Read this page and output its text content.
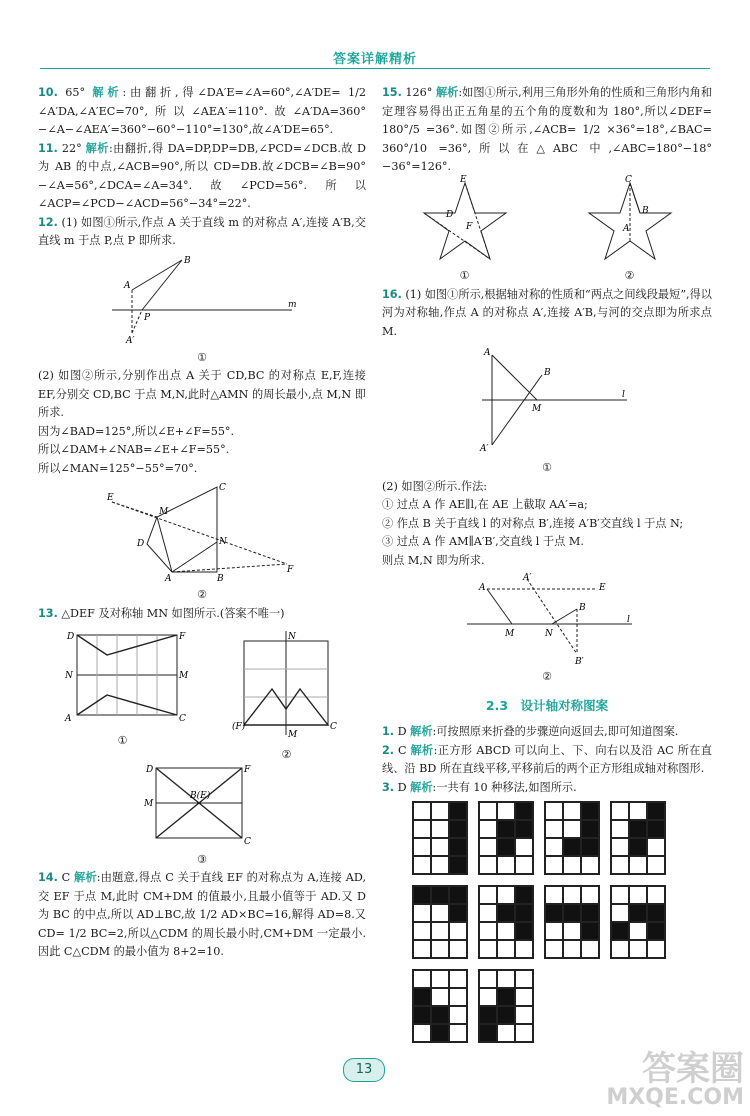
答案详解精析

10. 65° 解析:由翻折,得∠DA′E=∠A=60°,∠A′DE= 1/2 ∠A′DA,∠A′EC=70°,所以∠AEA′=110°.故∠A′DA=360°−∠A−∠AEA′=360°−60°−110°=130°,故∠A′DE=65°.

11. 22° 解析:由翻折,得 DA=DP,DP=DB,∠PCD=∠DCB.故 D 为 AB 的中点,∠ACB=90°,所以 CD=DB.故∠DCB=∠B=90°−∠A=56°,∠DCA=∠A=34°.故∠PCD=56°.所以∠ACP=∠PCD−∠ACD=56°−34°=22°.

12. (1) 如图①所示,作点 A 关于直线 m 的对称点 A′,连接 A′B,交直线 m 于点 P,点 P 即所求.

A
B
P
A′
m
①

(2) 如图②所示,分别作出点 A 关于 CD,BC 的对称点 E,F,连接 EF,分别交 CD,BC 于点 M,N,此时△AMN 的周长最小,点 M,N 即所求.

因为∠BAD=125°,所以∠E+∠F=55°.

所以∠DAM+∠NAB=∠E+∠F=55°.

所以∠MAN=125°−55°=70°.

C
E
M
D	N
A	B
F
②

13. △DEF 及对称轴 MN 如图所示.(答案不唯一)

D	F
N	M
A	C
①
N
M
(F)	C
②
D	F
M
B(E)
C
③

14. C 解析:由题意,得点 C 关于直线 EF 的对称点为 A,连接 AD,交 EF 于点 M,此时 CM+DM 的值最小,且最小值等于 AD.又 D 为 BC 的中点,所以 AD⊥BC,故 1/2 AD×BC=16,解得 AD=8.又 CD= 1/2 BC=2,所以△CDM 的周长最小时,CM+DM 一定最小.因此 C△CDM 的最小值为 8+2=10.

15. 126° 解析:如图①所示,利用三角形外角的性质和三角形内角和定理容易得出正五角星的五个角的度数和为 180°,所以∠DEF= 180°/5 =36°.如图②所示,∠ACB= 1/2 ×36°=18°,∠BAC= 360°/10 =36°,所以在△ABC 中,∠ABC=180°−18°−36°=126°.

E
D
F
①
C
B
A
②

16. (1) 如图①所示,根据轴对称的性质和“两点之间线段最短”,得以河为对称轴,作点 A 的对称点 A′,连接 A′B,与河的交点即为所求点 M.

A
B
M
A′
l
①

(2) 如图②所示.作法:

① 过点 A 作 AE∥l,在 AE 上截取 AA′=a;

② 作点 B 关于直线 l 的对称点 B′,连接 A′B′交直线 l 于点 N;

③ 过点 A 作 AM∥A′B′,交直线 l 于点 M.

则点 M,N 即为所求.

A
A′
E
M	N
B
B′
l
②
2.3　设计轴对称图案

1. D 解析:可按照原来折叠的步骤逆向返回去,即可知道图案.

2. C 解析:正方形 ABCD 可以向上、下、向右以及沿 AC 所在直线、沿 BD 所在直线平移,平移前后的两个正方形组成轴对称图形.

3. D 解析:一共有 10 种移法,如图所示.

13	答案圈
MXQE.COM
